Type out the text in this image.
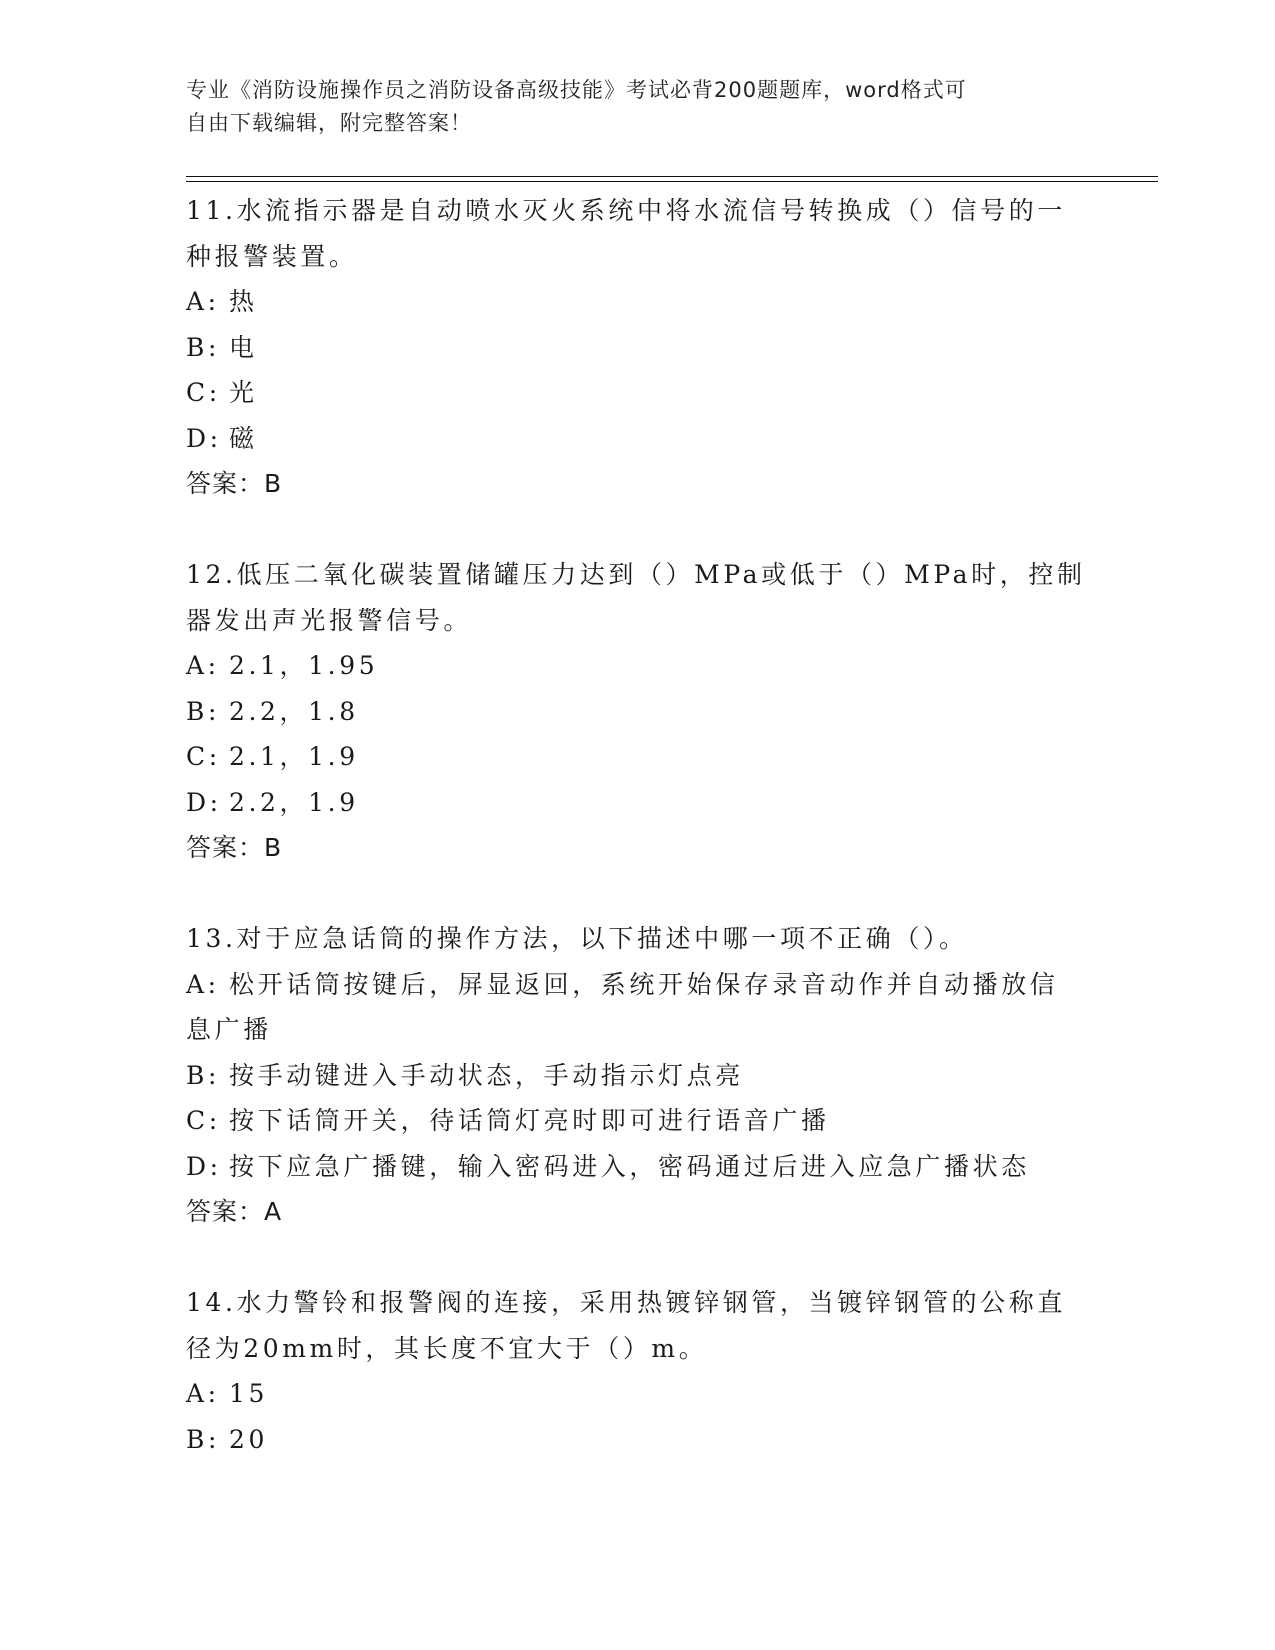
专业《消防设施操作员之消防设备高级技能》考试必背200题题库，word格式可
自由下载编辑，附完整答案！

11.水流指示器是自动喷水灭火系统中将水流信号转换成（）信号的一

种报警装置。

A: 热
B: 电
C: 光
D: 磁

答案：B

12.低压二氧化碳装置储罐压力达到（）MPa或低于（）MPa时，控制

器发出声光报警信号。

A: 2.1，1.95
B: 2.2，1.8
C: 2.1，1.9
D: 2.2，1.9

答案：B

13.对于应急话筒的操作方法，以下描述中哪一项不正确（）。

A: 松开话筒按键后，屏显返回，系统开始保存录音动作并自动播放信

息广播

B: 按手动键进入手动状态，手动指示灯点亮
C: 按下话筒开关，待话筒灯亮时即可进行语音广播
D: 按下应急广播键，输入密码进入，密码通过后进入应急广播状态

答案：A

14.水力警铃和报警阀的连接，采用热镀锌钢管，当镀锌钢管的公称直

径为20mm时，其长度不宜大于（）m。

A: 15
B: 20
